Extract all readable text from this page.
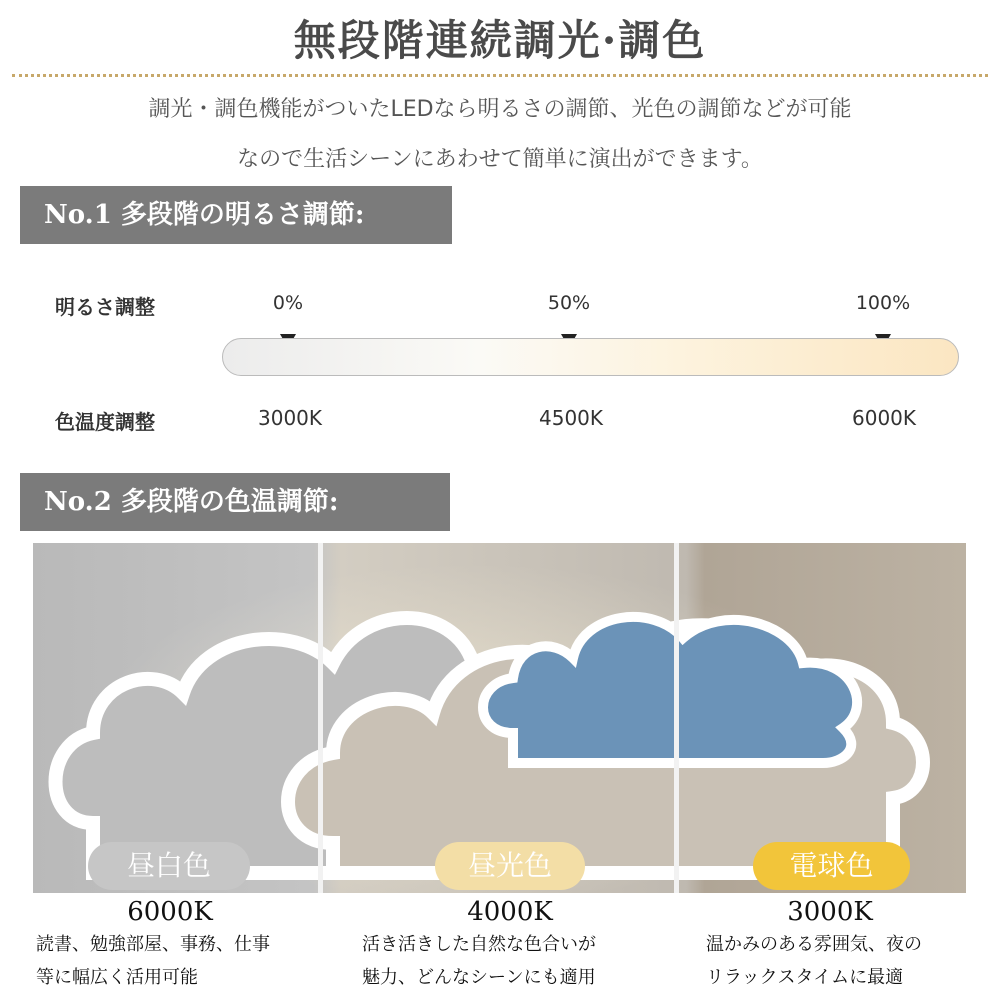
無段階連続調光·調色
調光・調色機能がついたLEDなら明るさの調節、光色の調節などが可能
なので生活シーンにあわせて簡単に演出ができます。
No.1 多段階の明るさ調節:
明るさ調整	0%	50%	100%
色温度調整	3000K	4500K	6000K
No.2 多段階の色温調節:
昼白色	昼光色	電球色
6000K	4000K	3000K
読書、勉強部屋、事務、仕事
等に幅広く活用可能
活き活きした自然な色合いが
魅力、どんなシーンにも適用
温かみのある雰囲気、夜の
リラックスタイムに最適
